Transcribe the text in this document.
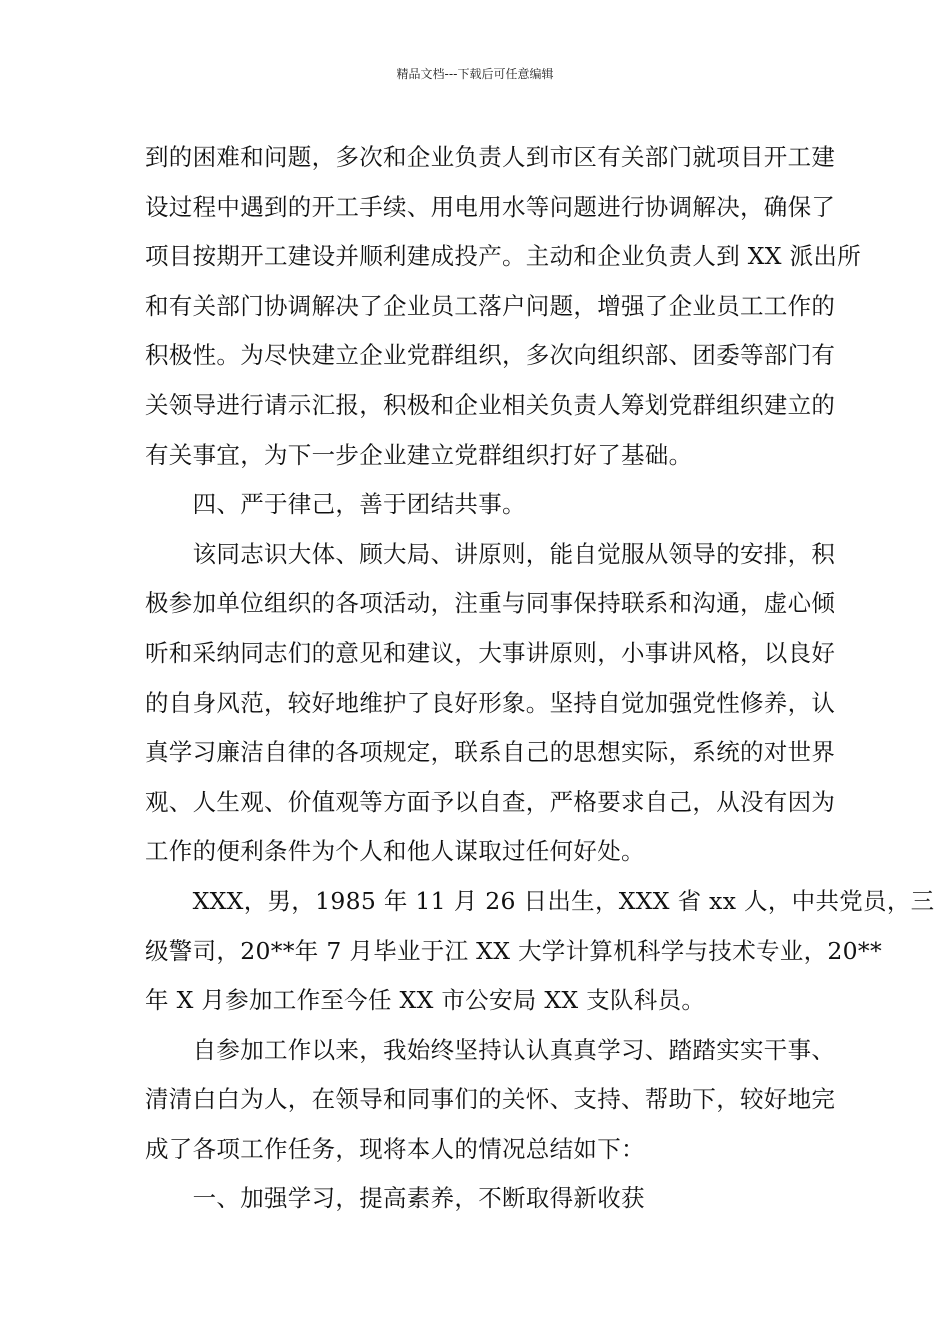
精品文档---下载后可任意编辑
到的困难和问题，多次和企业负责人到市区有关部门就项目开工建
设过程中遇到的开工手续、用电用水等问题进行协调解决，确保了
项目按期开工建设并顺利建成投产。主动和企业负责人到 XX 派出所
和有关部门协调解决了企业员工落户问题，增强了企业员工工作的
积极性。为尽快建立企业党群组织，多次向组织部、团委等部门有
关领导进行请示汇报，积极和企业相关负责人筹划党群组织建立的
有关事宜，为下一步企业建立党群组织打好了基础。
　　四、严于律己，善于团结共事。
　　该同志识大体、顾大局、讲原则，能自觉服从领导的安排，积
极参加单位组织的各项活动，注重与同事保持联系和沟通，虚心倾
听和采纳同志们的意见和建议，大事讲原则，小事讲风格，以良好
的自身风范，较好地维护了良好形象。坚持自觉加强党性修养，认
真学习廉洁自律的各项规定，联系自己的思想实际，系统的对世界
观、人生观、价值观等方面予以自查，严格要求自己，从没有因为
工作的便利条件为个人和他人谋取过任何好处。
　　XXX，男，1985 年 11 月 26 日出生，XXX 省 xx 人，中共党员，三
级警司，20**年 7 月毕业于江 XX 大学计算机科学与技术专业，20**
年 X 月参加工作至今任 XX 市公安局 XX 支队科员。
　　自参加工作以来，我始终坚持认认真真学习、踏踏实实干事、
清清白白为人，在领导和同事们的关怀、支持、帮助下，较好地完
成了各项工作任务，现将本人的情况总结如下：
　　一、加强学习，提高素养，不断取得新收获
